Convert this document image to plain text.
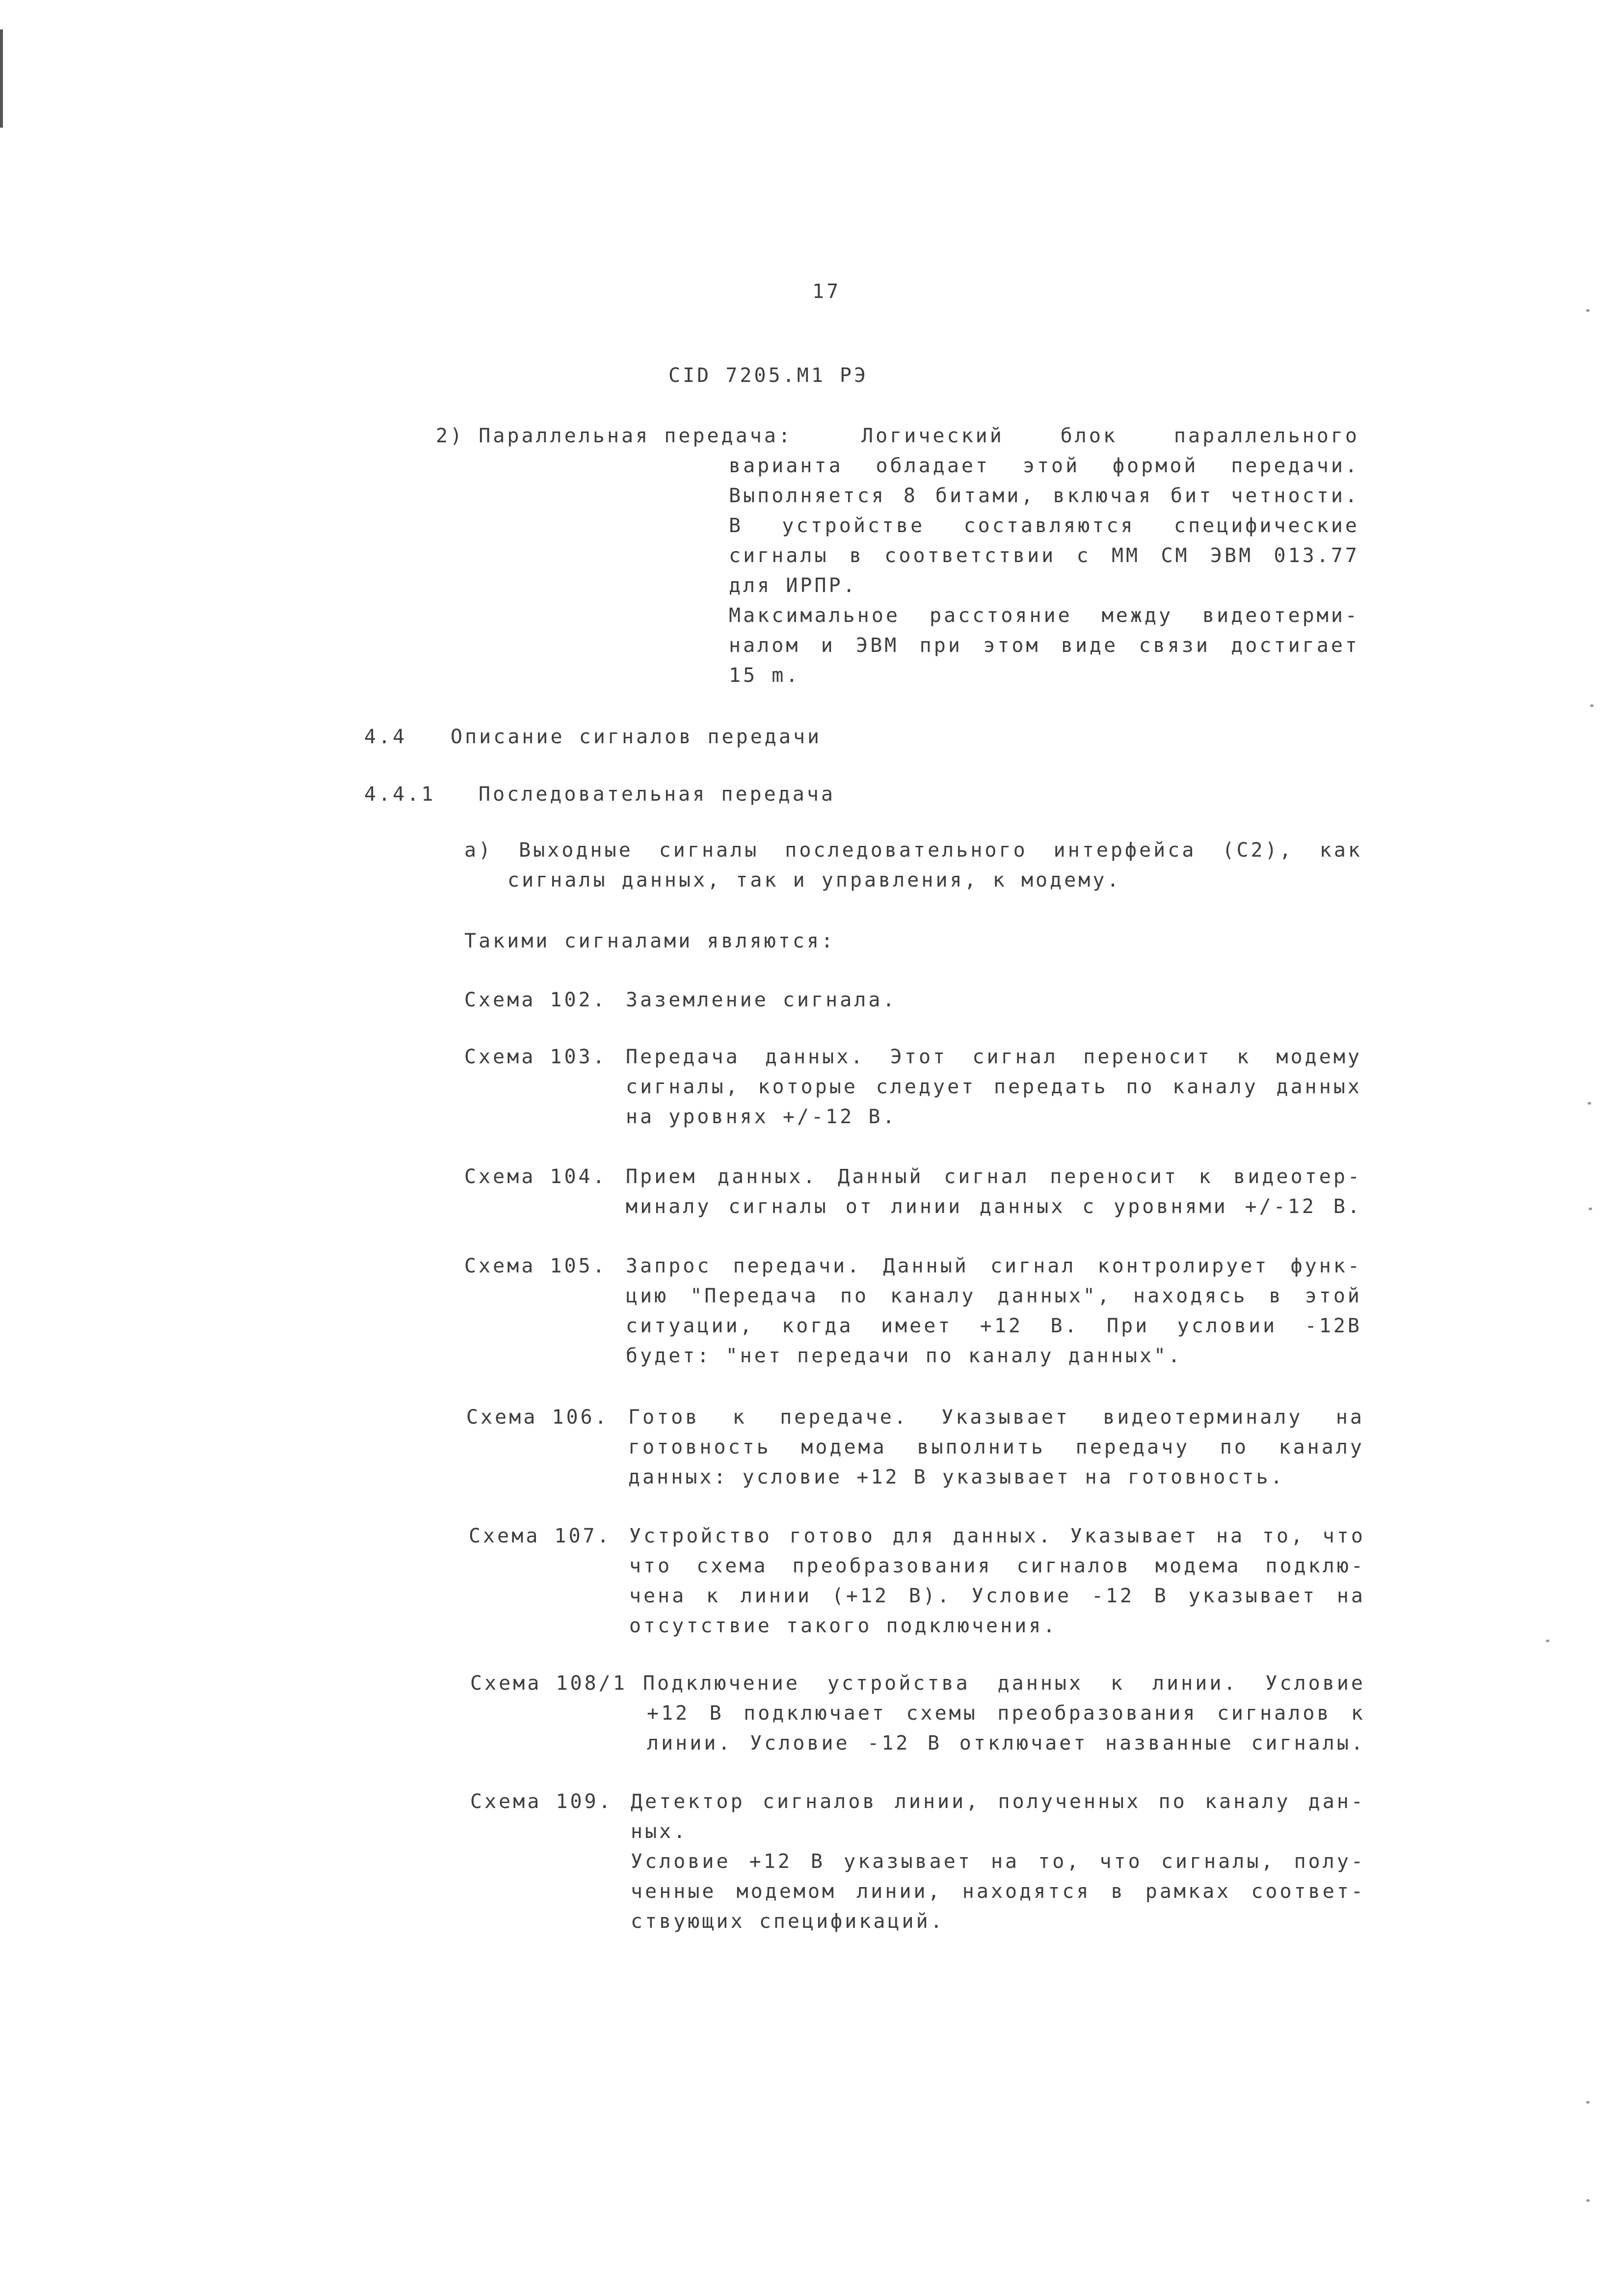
17
CID 7205.M1 РЭ
2) Параллельная передача:	Логический блок параллельного
варианта обладает этой формой передачи.
Выполняется 8 битами, включая бит четности.
В устройстве составляются специфические
сигналы в соответствии с ММ СМ ЭВМ 013.77
для ИРПР.
Максимальное расстояние между видеотерми-
налом и ЭВМ при этом виде связи достигает
15 m.
4.4 Описание сигналов передачи
4.4.1 Последовательная передача
а) Выходные сигналы последовательного интерфейса (С2), как
сигналы данных, так и управления, к модему.
Такими сигналами являются:
Схема 102. Заземление сигнала.
Схема 103. Передача данных. Этот сигнал переносит к модему
сигналы, которые следует передать по каналу данных
на уровнях +/-12 В.
Схема 104. Прием данных. Данный сигнал переносит к видеотер-
миналу сигналы от линии данных с уровнями +/-12 В.
Схема 105. Запрос передачи. Данный сигнал контролирует функ-
цию "Передача по каналу данных", находясь в этой
ситуации, когда имеет +12 В. При условии -12В
будет: "нет передачи по каналу данных".
Схема 106. Готов к передаче. Указывает видеотерминалу на
готовность модема выполнить передачу по каналу
данных: условие +12 В указывает на готовность.
Схема 107. Устройство готово для данных. Указывает на то, что
что схема преобразования сигналов модема подклю-
чена к линии (+12 В). Условие -12 В указывает на
отсутствие такого подключения.
Схема 108/1 Подключение устройства данных к линии. Условие
+12 В подключает схемы преобразования сигналов к
линии. Условие -12 В отключает названные сигналы.
Схема 109. Детектор сигналов линии, полученных по каналу дан-
ных.
Условие +12 В указывает на то, что сигналы, полу-
ченные модемом линии, находятся в рамках соответ-
ствующих спецификаций.
